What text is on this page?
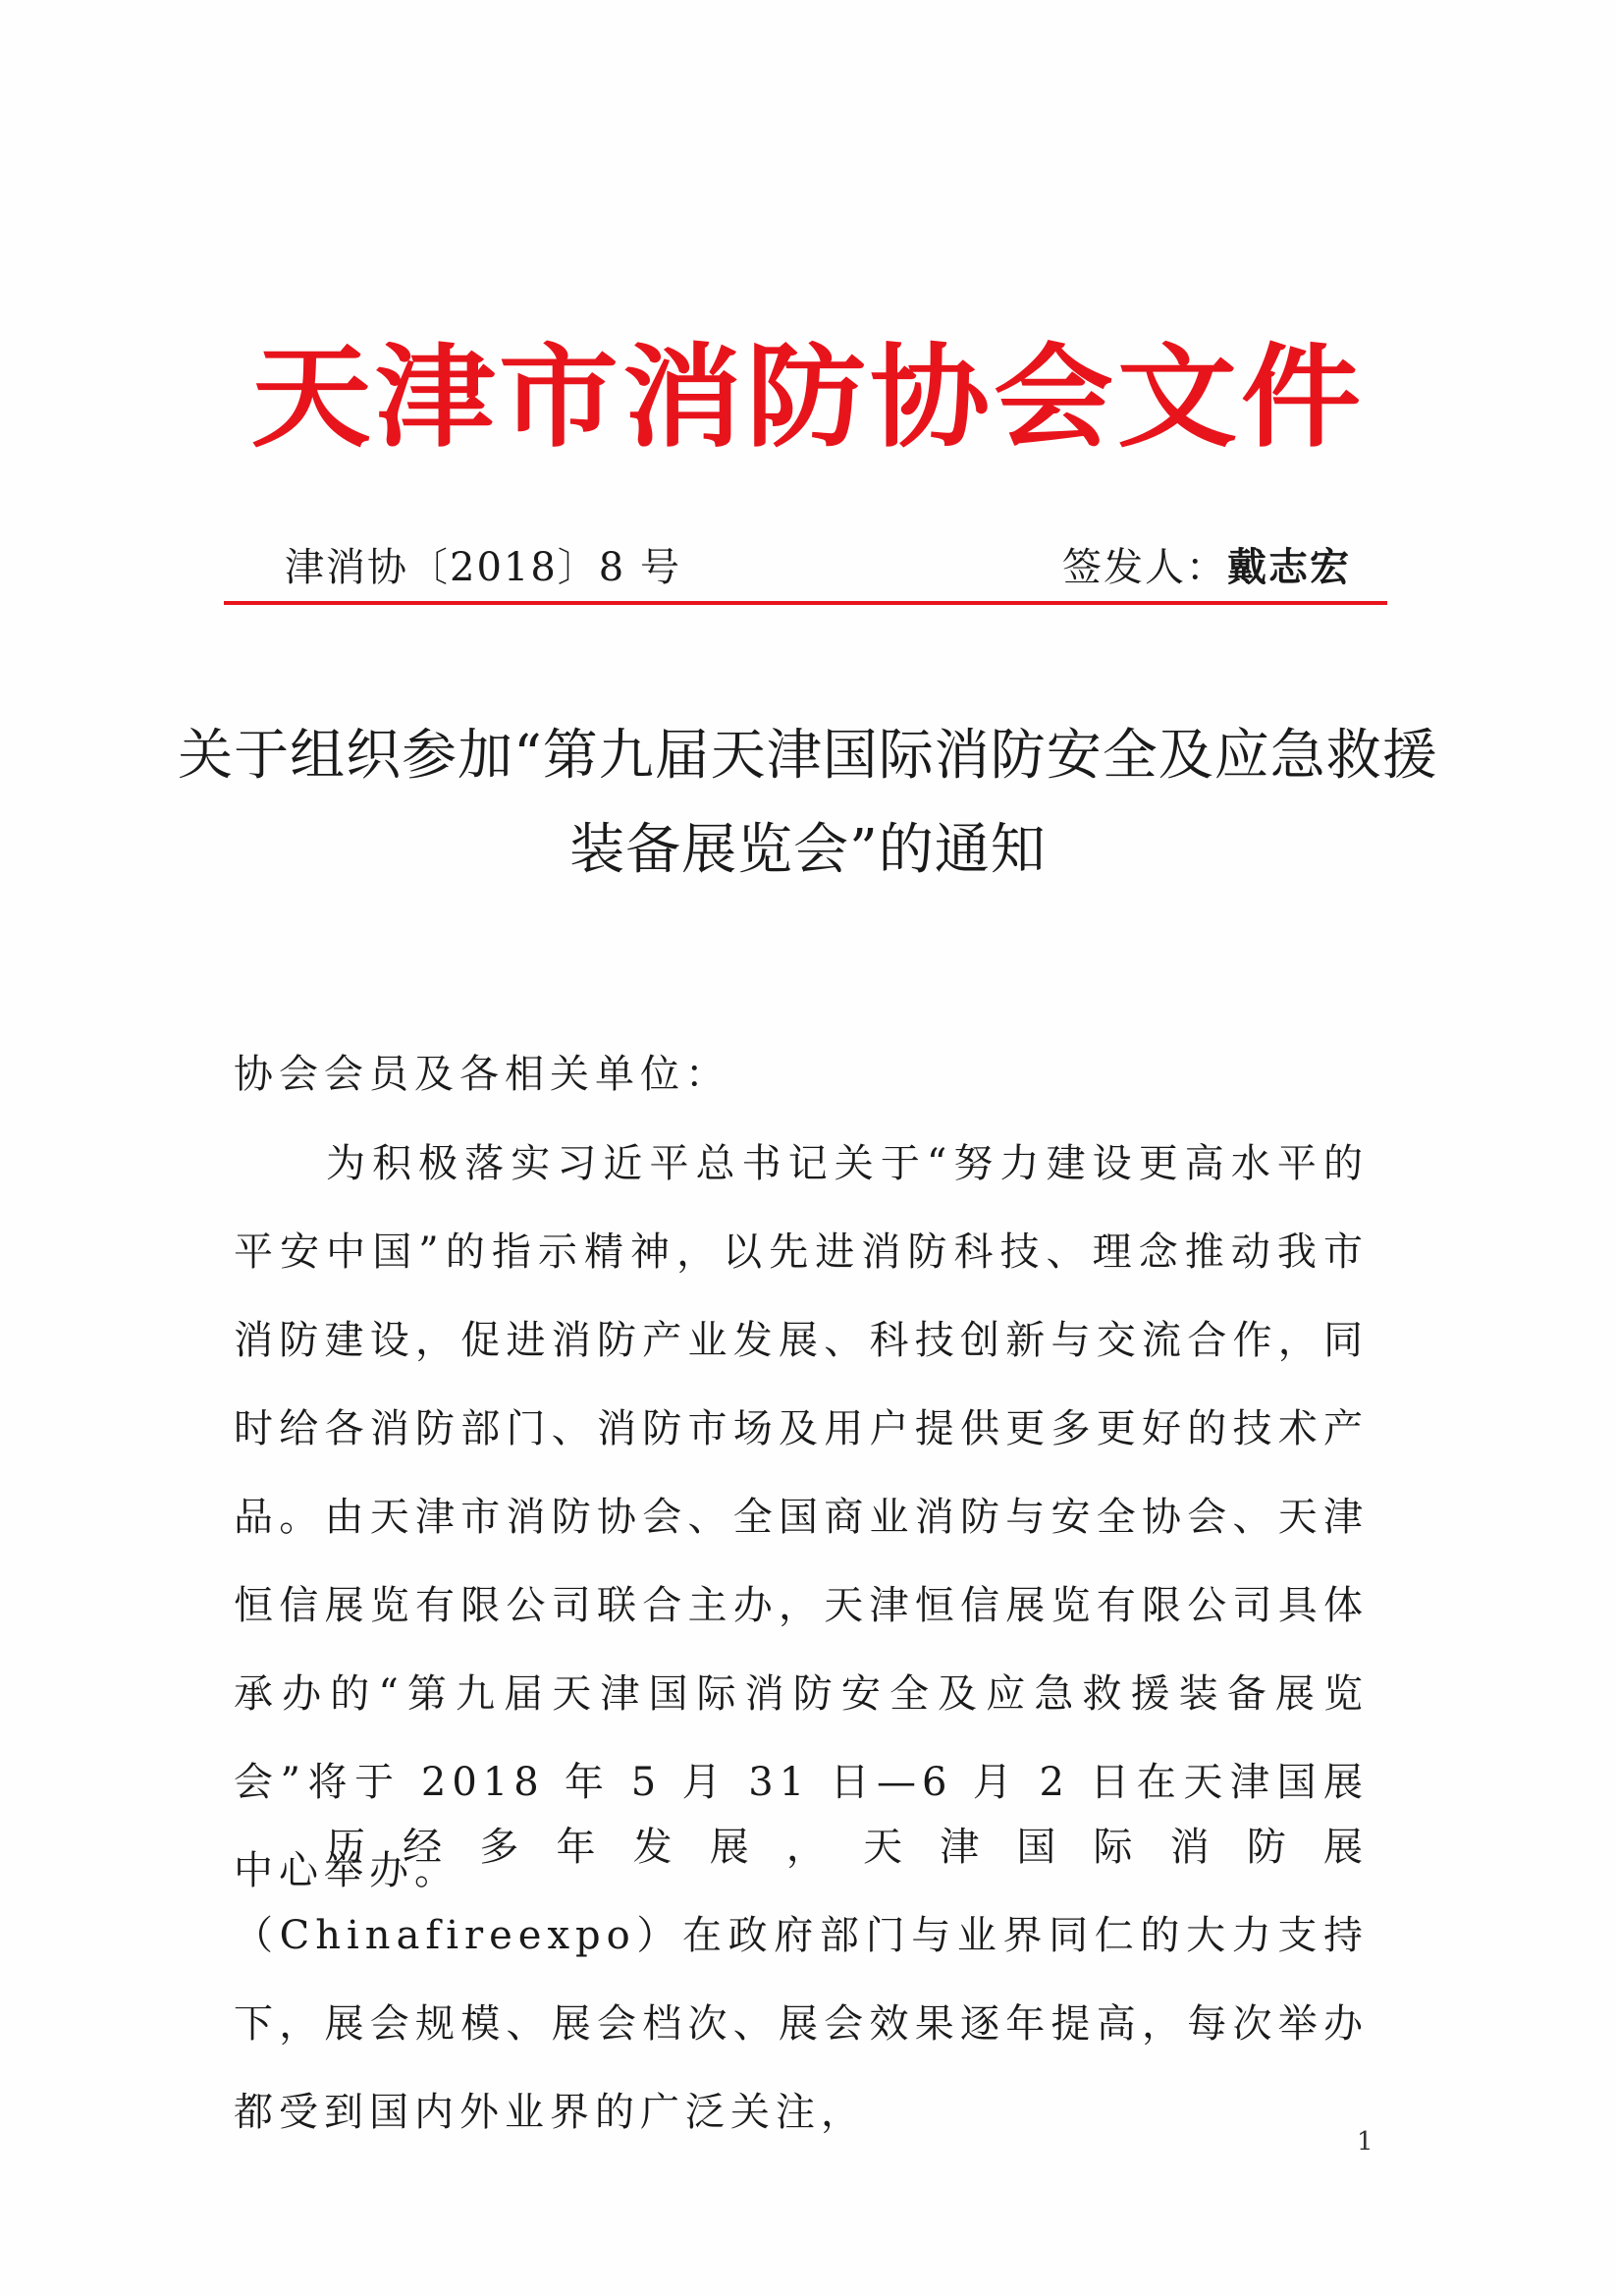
天津市消防协会文件
津消协〔2018〕8 号	签发人：戴志宏
关于组织参加“第九届天津国际消防安全及应急救援装备展览会”的通知
协会会员及各相关单位：

为积极落实习近平总书记关于“努力建设更高水平的平安中国”的指示精神，以先进消防科技、理念推动我市消防建设，促进消防产业发展、科技创新与交流合作，同时给各消防部门、消防市场及用户提供更多更好的技术产品。由天津市消防协会、全国商业消防与安全协会、天津恒信展览有限公司联合主办，天津恒信展览有限公司具体承办的“第九届天津国际消防安全及应急救援装备展览会”将于 2018 年 5 月 31 日—6 月 2 日在天津国展中心举办。

历经多年发展，天津国际消防展（Chinafireexpo）在政府部门与业界同仁的大力支持下，展会规模、展会档次、展会效果逐年提高，每次举办都受到国内外业界的广泛关注，

1
